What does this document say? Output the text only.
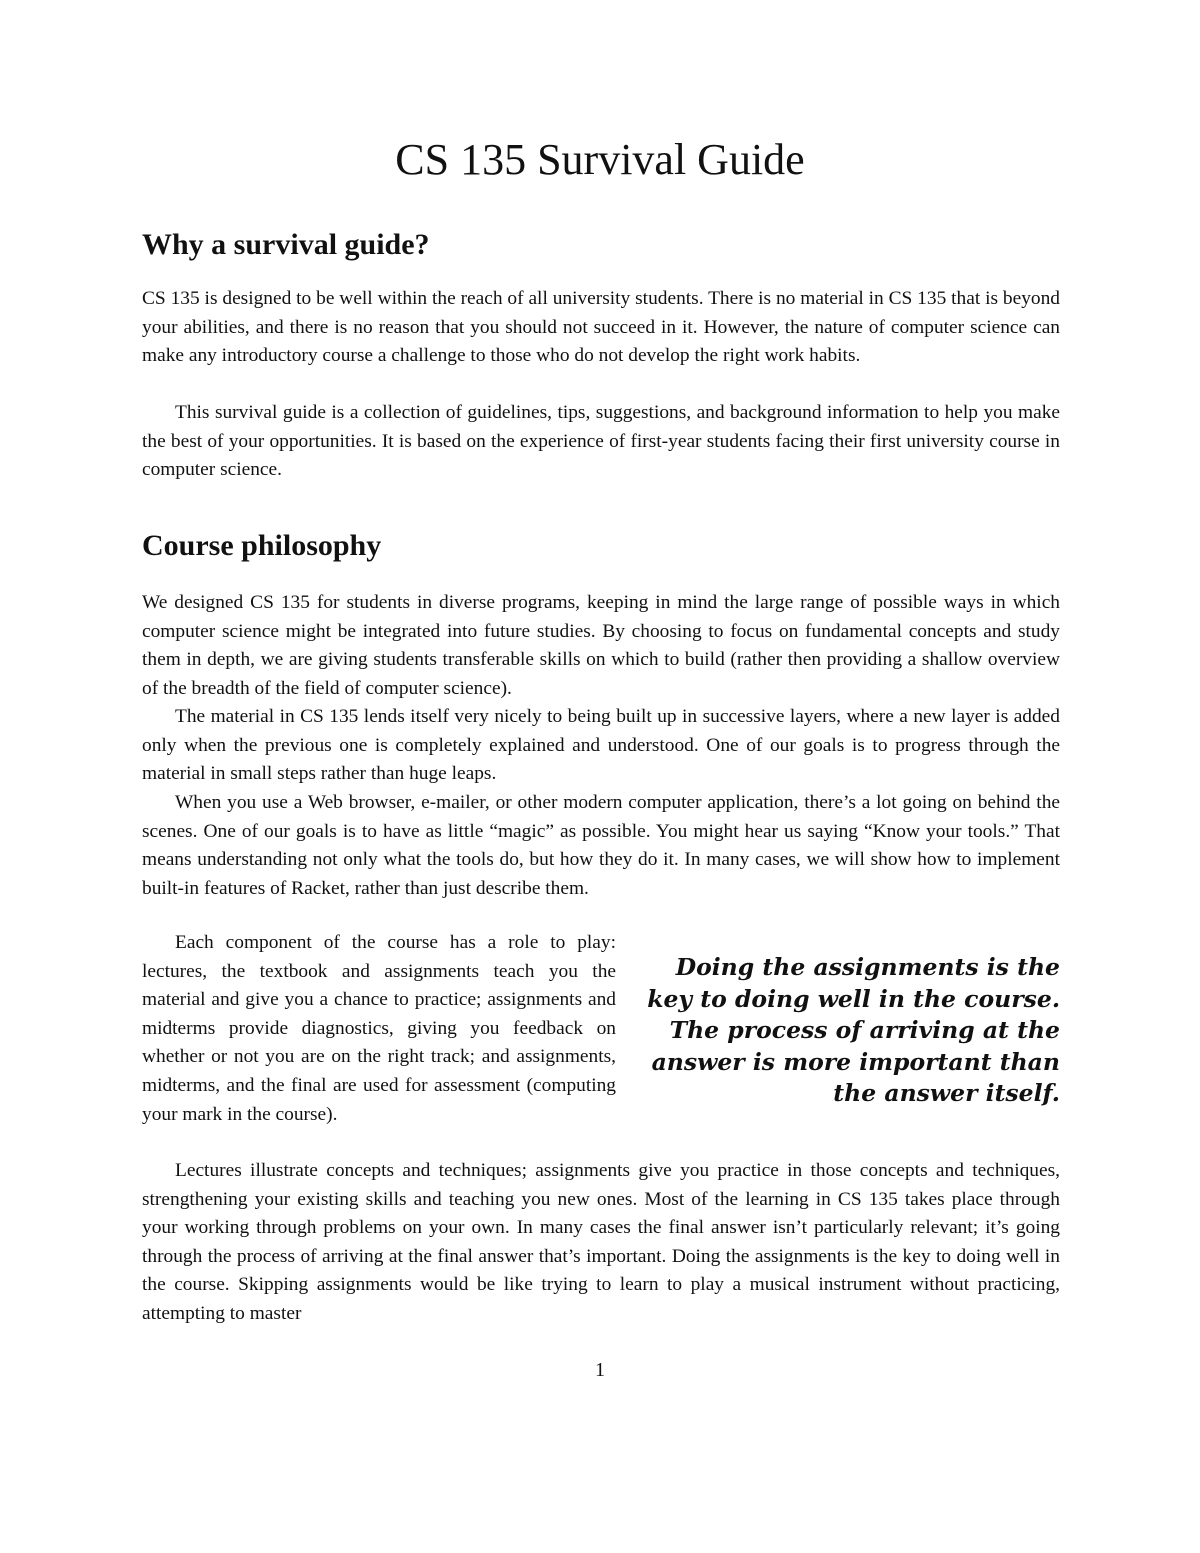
CS 135 Survival Guide
Why a survival guide?

CS 135 is designed to be well within the reach of all university students. There is no material in CS 135 that is beyond your abilities, and there is no reason that you should not succeed in it. However, the nature of computer science can make any introductory course a challenge to those who do not develop the right work habits.

This survival guide is a collection of guidelines, tips, suggestions, and background information to help you make the best of your opportunities. It is based on the experience of first-year students facing their first university course in computer science.

Course philosophy

We designed CS 135 for students in diverse programs, keeping in mind the large range of possible ways in which computer science might be integrated into future studies. By choosing to focus on fundamental concepts and study them in depth, we are giving students transferable skills on which to build (rather then providing a shallow overview of the breadth of the field of computer science).

The material in CS 135 lends itself very nicely to being built up in successive layers, where a new layer is added only when the previous one is completely explained and understood. One of our goals is to progress through the material in small steps rather than huge leaps.

When you use a Web browser, e-mailer, or other modern computer application, there’s a lot going on behind the scenes. One of our goals is to have as little “magic” as possible. You might hear us saying “Know your tools.” That means understanding not only what the tools do, but how they do it. In many cases, we will show how to implement built-in features of Racket, rather than just describe them.

Each component of the course has a role to play: lectures, the textbook and assignments teach you the material and give you a chance to practice; assignments and midterms provide diagnostics, giving you feedback on whether or not you are on the right track; and assignments, midterms, and the final are used for assessment (computing your mark in the course).

Doing the assignments is the key to doing well in the course. The process of arriving at the answer is more important than the answer itself.

Lectures illustrate concepts and techniques; assignments give you practice in those concepts and techniques, strengthening your existing skills and teaching you new ones. Most of the learning in CS 135 takes place through your working through problems on your own. In many cases the final answer isn’t particularly relevant; it’s going through the process of arriving at the final answer that’s important. Doing the assignments is the key to doing well in the course. Skipping assignments would be like trying to learn to play a musical instrument without practicing, attempting to master

1
